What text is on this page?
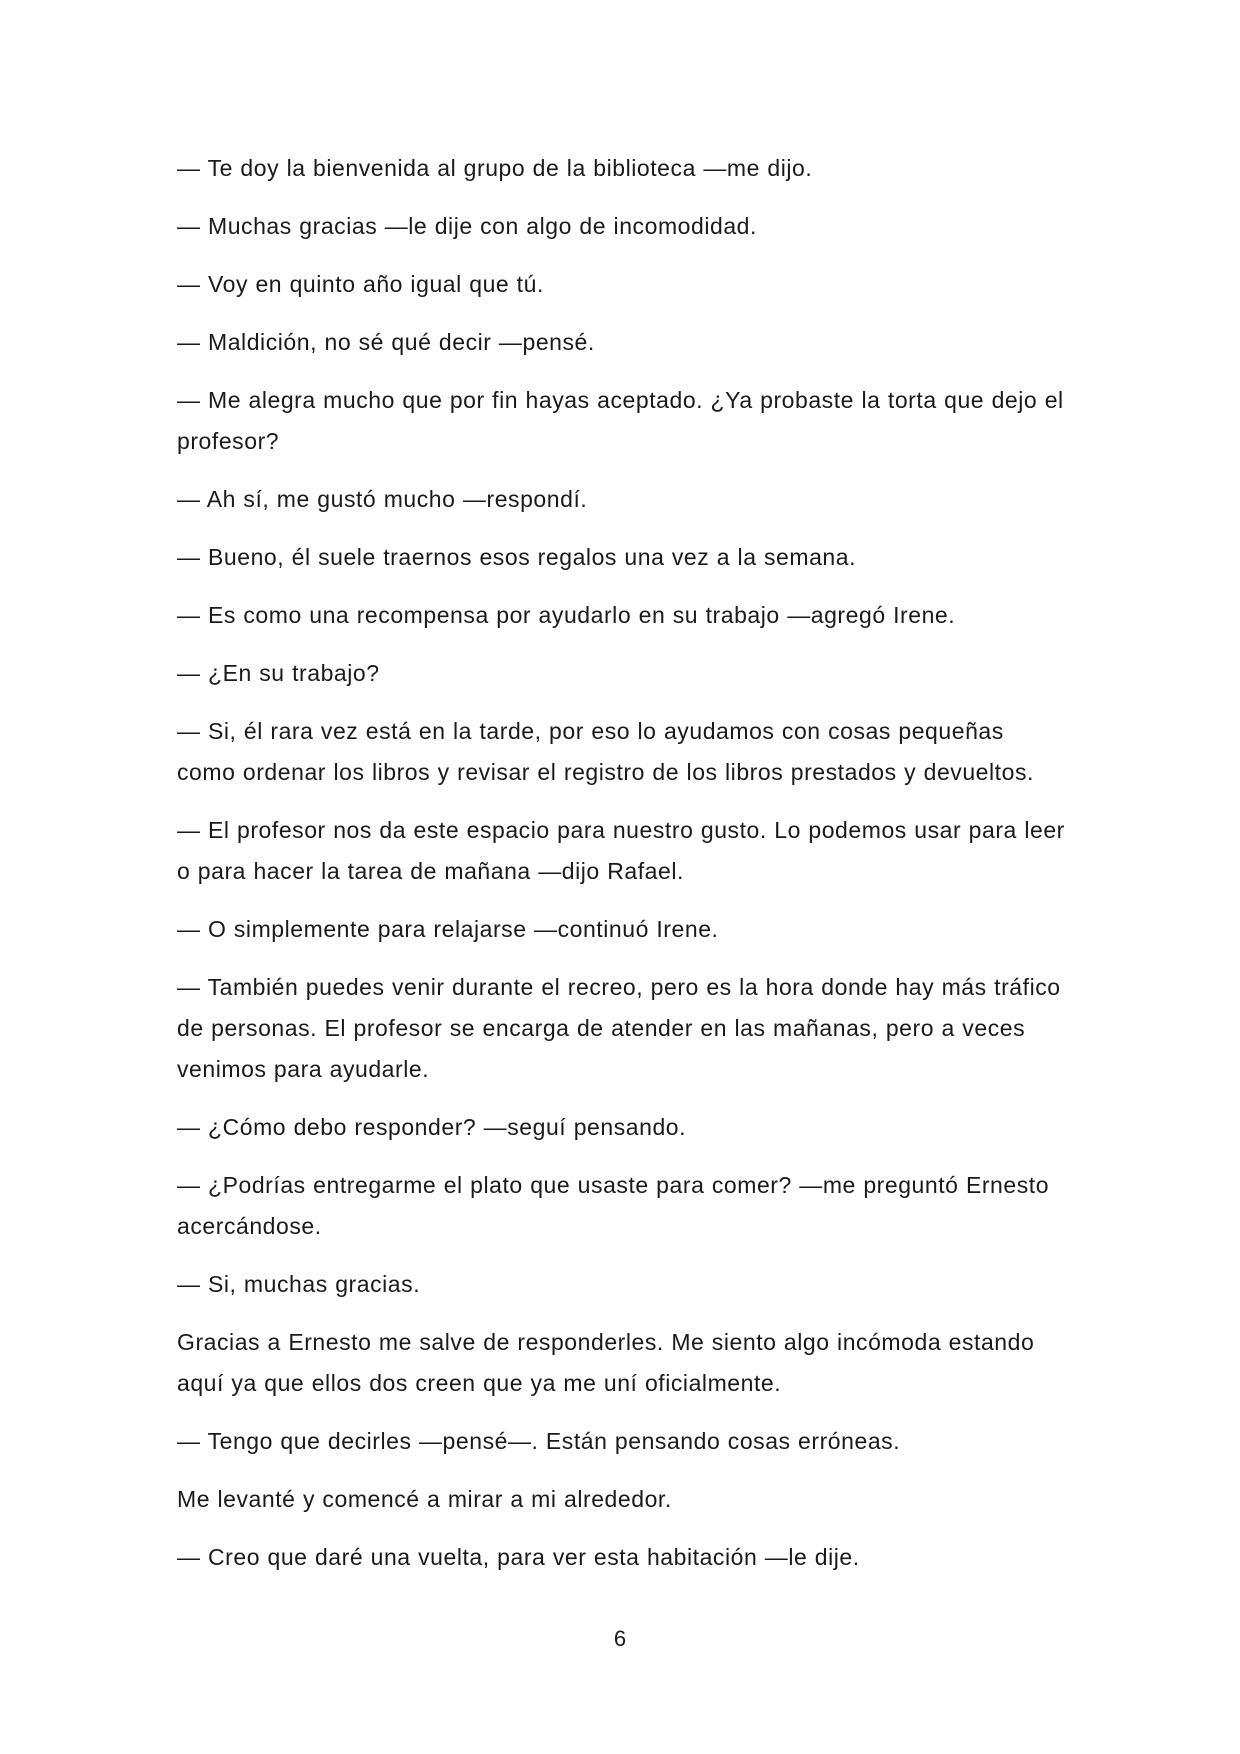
— Te doy la bienvenida al grupo de la biblioteca —me dijo.

— Muchas gracias —le dije con algo de incomodidad.

— Voy en quinto año igual que tú.

— Maldición, no sé qué decir —pensé.

— Me alegra mucho que por fin hayas aceptado. ¿Ya probaste la torta que dejo el profesor?

— Ah sí, me gustó mucho —respondí.

— Bueno, él suele traernos esos regalos una vez a la semana.

— Es como una recompensa por ayudarlo en su trabajo —agregó Irene.

— ¿En su trabajo?

— Si, él rara vez está en la tarde, por eso lo ayudamos con cosas pequeñas como ordenar los libros y revisar el registro de los libros prestados y devueltos.

— El profesor nos da este espacio para nuestro gusto. Lo podemos usar para leer o para hacer la tarea de mañana —dijo Rafael.

— O simplemente para relajarse —continuó Irene.

— También puedes venir durante el recreo, pero es la hora donde hay más tráfico de personas. El profesor se encarga de atender en las mañanas, pero a veces venimos para ayudarle.

— ¿Cómo debo responder? —seguí pensando.

— ¿Podrías entregarme el plato que usaste para comer? —me preguntó Ernesto acercándose.

— Si, muchas gracias.

Gracias a Ernesto me salve de responderles. Me siento algo incómoda estando aquí ya que ellos dos creen que ya me uní oficialmente.

— Tengo que decirles —pensé—. Están pensando cosas erróneas.

Me levanté y comencé a mirar a mi alrededor.

— Creo que daré una vuelta, para ver esta habitación —le dije.

6
